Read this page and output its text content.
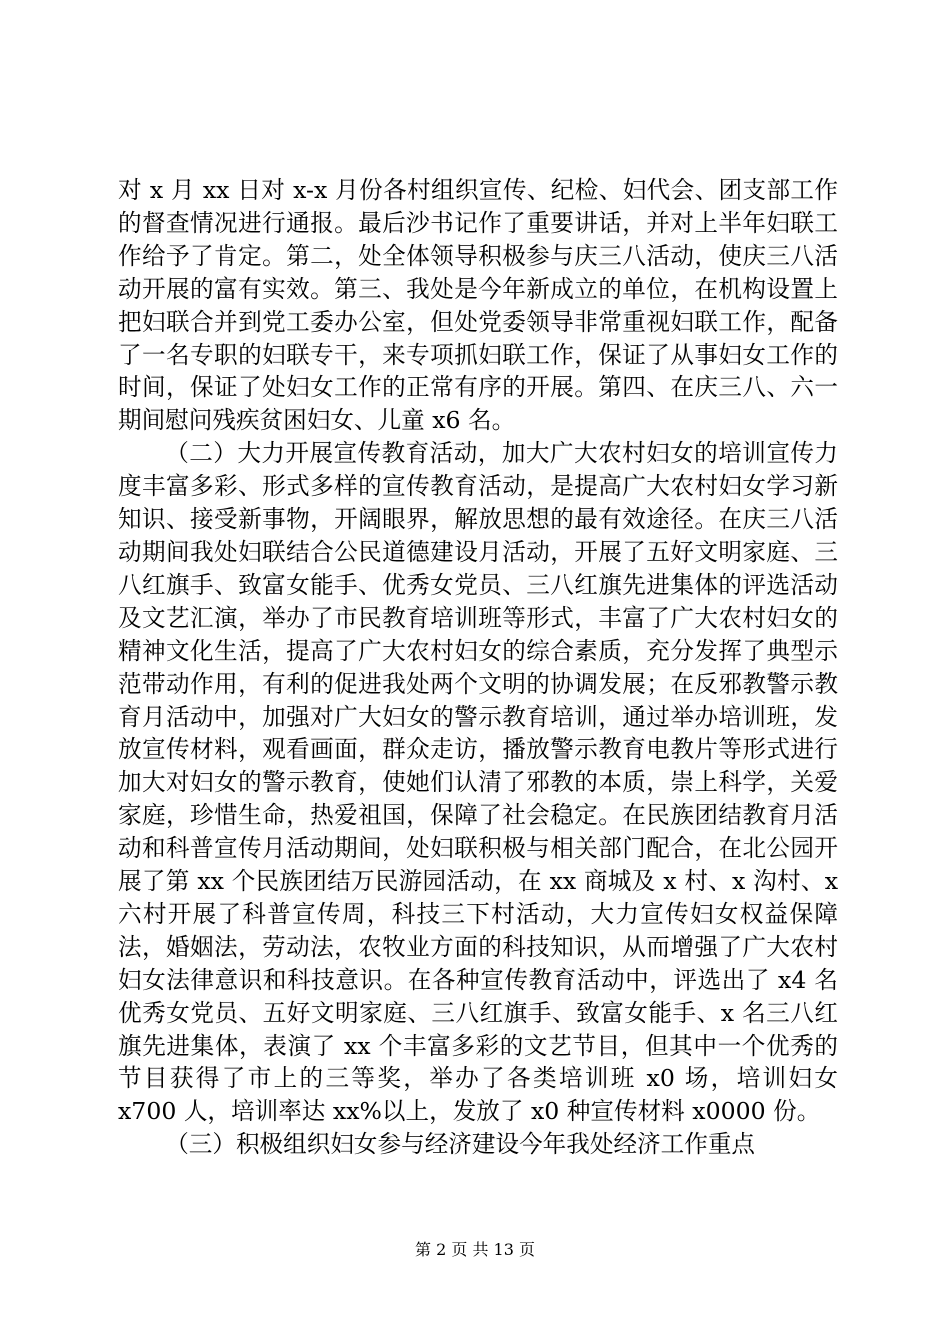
对 x 月 xx 日对 x-x 月份各村组织宣传、纪检、妇代会、团支部工作的督查情况进行通报。最后沙书记作了重要讲话，并对上半年妇联工作给予了肯定。第二，处全体领导积极参与庆三八活动，使庆三八活动开展的富有实效。第三、我处是今年新成立的单位，在机构设置上把妇联合并到党工委办公室，但处党委领导非常重视妇联工作，配备了一名专职的妇联专干，来专项抓妇联工作，保证了从事妇女工作的时间，保证了处妇女工作的正常有序的开展。第四、在庆三八、六一期间慰问残疾贫困妇女、儿童 x6 名。

（二）大力开展宣传教育活动，加大广大农村妇女的培训宣传力度丰富多彩、形式多样的宣传教育活动，是提高广大农村妇女学习新知识、接受新事物，开阔眼界，解放思想的最有效途径。在庆三八活动期间我处妇联结合公民道德建设月活动，开展了五好文明家庭、三八红旗手、致富女能手、优秀女党员、三八红旗先进集体的评选活动及文艺汇演，举办了市民教育培训班等形式，丰富了广大农村妇女的精神文化生活，提高了广大农村妇女的综合素质，充分发挥了典型示范带动作用，有利的促进我处两个文明的协调发展；在反邪教警示教育月活动中，加强对广大妇女的警示教育培训，通过举办培训班，发放宣传材料，观看画面，群众走访，播放警示教育电教片等形式进行加大对妇女的警示教育，使她们认清了邪教的本质，崇上科学，关爱家庭，珍惜生命，热爱祖国，保障了社会稳定。在民族团结教育月活动和科普宣传月活动期间，处妇联积极与相关部门配合，在北公园开展了第 xx 个民族团结万民游园活动，在 xx 商城及 x 村、x 沟村、x 六村开展了科普宣传周，科技三下村活动，大力宣传妇女权益保障法，婚姻法，劳动法，农牧业方面的科技知识，从而增强了广大农村妇女法律意识和科技意识。在各种宣传教育活动中，评选出了 x4 名优秀女党员、五好文明家庭、三八红旗手、致富女能手、x 名三八红旗先进集体，表演了 xx 个丰富多彩的文艺节目，但其中一个优秀的节目获得了市上的三等奖，举办了各类培训班 x0 场，培训妇女 x700 人，培训率达 xx%以上，发放了 x0 种宣传材料 x0000 份。

（三）积极组织妇女参与经济建设今年我处经济工作重点

第 2 页 共 13 页
